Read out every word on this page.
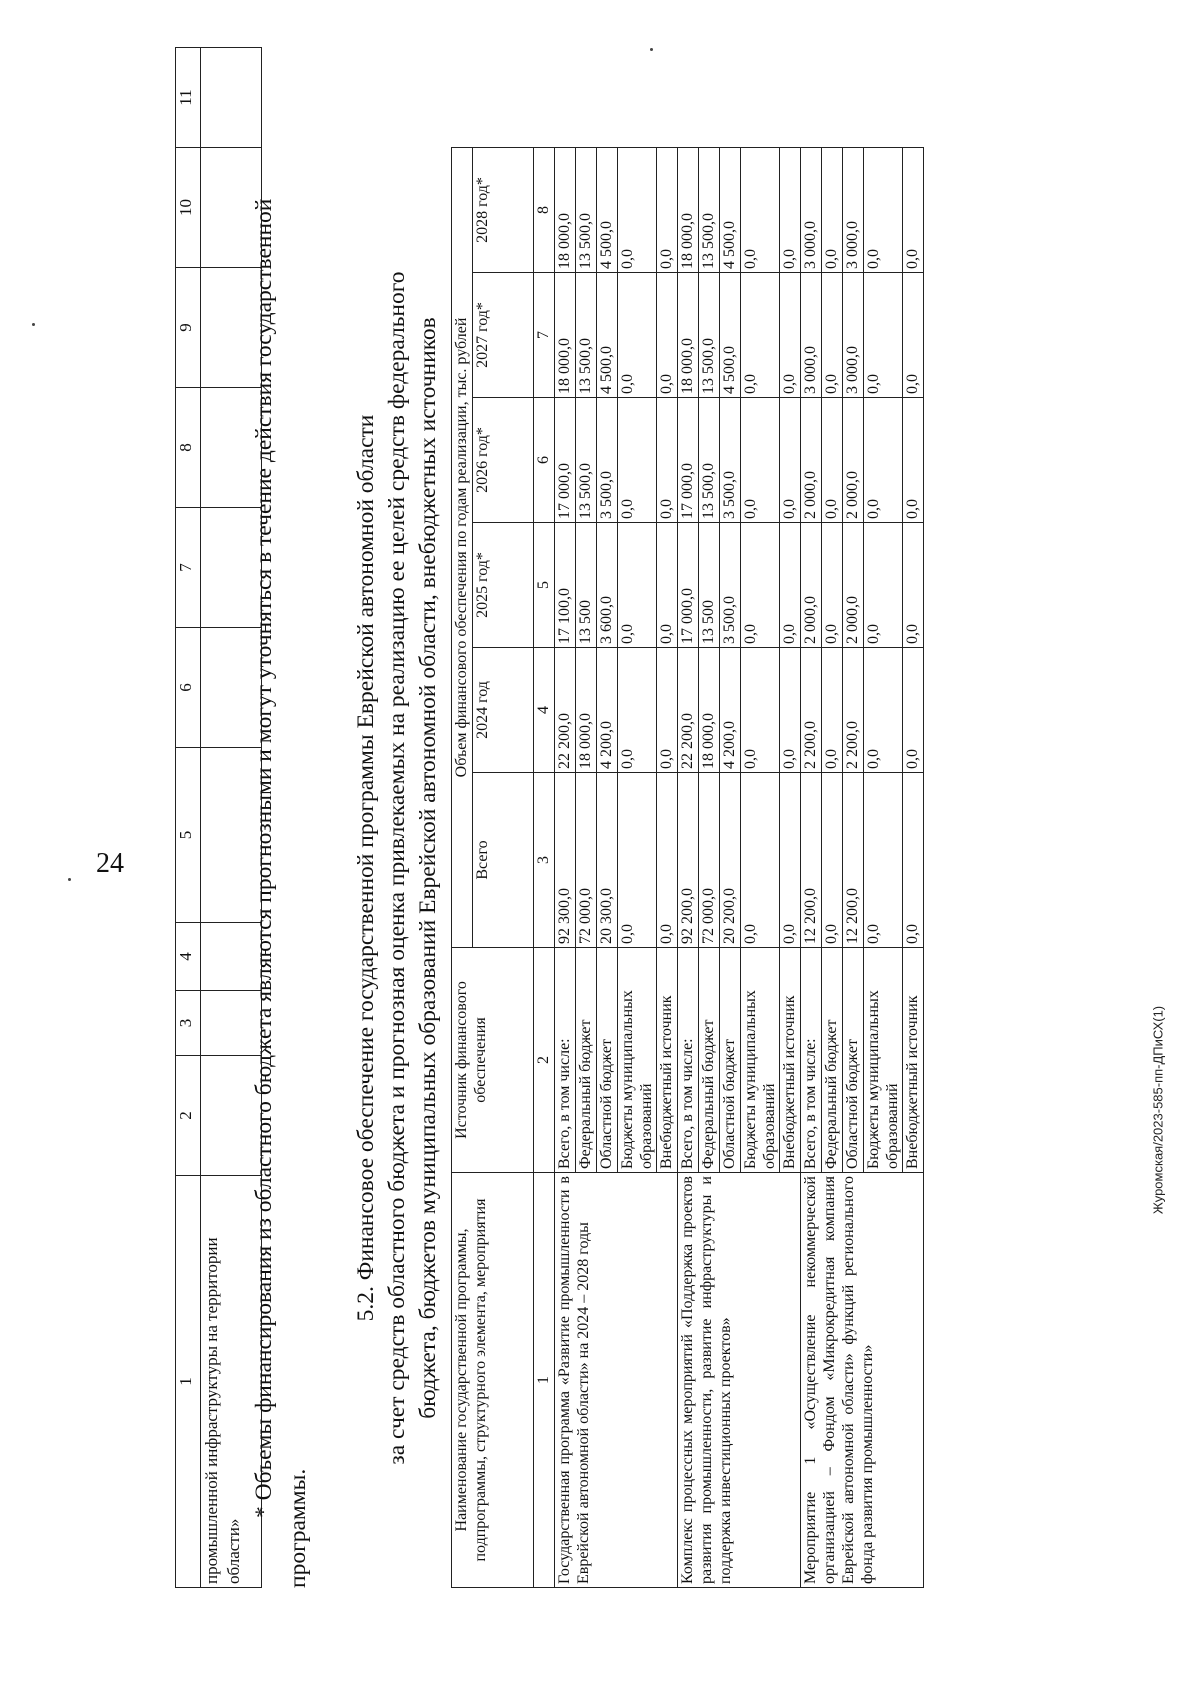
24
Журомская/2023-585-пп-ДПиСХ(1)
1	2	3	4	5	6	7	8	9	10	11
промышленной инфраструктуры на территории области»										
* Объемы финансирования из областного бюджета являются прогнозными и могут уточняться в течение действия государственной программы.
5.2. Финансовое обеспечение государственной программы Еврейской автономной области за счет средств областного бюджета и прогнозная оценка привлекаемых на реализацию ее целей средств федерального бюджета, бюджетов муниципальных образований Еврейской автономной области, внебюджетных источников Наименование государственной программы, подпрограммы, структурного элемента, мероприятия	Источник финансового обеспечения	Объем финансового обеспечения по годам реализации, тыс. рублей					
		Всего	2024 год	2025 год*	2026 год*	2027 год*	2028 год*
1	2	3	4	5	6	7	8
Государственная программа «Развитие промышленности в Еврейской автономной области» на 2024 – 2028 годы	Всего, в том числе:	92 300,0	22 200,0	17 100,0	17 000,0	18 000,0	18 000,0
	Федеральный бюджет	72 000,0	18 000,0	13 500	13 500,0	13 500,0	13 500,0
	Областной бюджет	20 300,0	4 200,0	3 600,0	3 500,0	4 500,0	4 500,0
	Бюджеты муниципальных образований	0,0	0,0	0,0	0,0	0,0	0,0
	Внебюджетный источник	0,0	0,0	0,0	0,0	0,0	0,0
Комплекс процессных мероприятий «Поддержка проектов развития промышленности, развитие инфраструктуры и поддержка инвестиционных проектов»	Всего, в том числе:	92 200,0	22 200,0	17 000,0	17 000,0	18 000,0	18 000,0
	Федеральный бюджет	72 000,0	18 000,0	13 500	13 500,0	13 500,0	13 500,0
	Областной бюджет	20 200,0	4 200,0	3 500,0	3 500,0	4 500,0	4 500,0
	Бюджеты муниципальных образований	0,0	0,0	0,0	0,0	0,0	0,0
	Внебюджетный источник	0,0	0,0	0,0	0,0	0,0	0,0
Мероприятие 1 «Осуществление некоммерческой организацией – Фондом «Микрокредитная компания Еврейской автономной области» функций регионального фонда развития промышленности»	Всего, в том числе:	12 200,0	2 200,0	2 000,0	2 000,0	3 000,0	3 000,0
	Федеральный бюджет	0,0	0,0	0,0	0,0	0,0	0,0
	Областной бюджет	12 200,0	2 200,0	2 000,0	2 000,0	3 000,0	3 000,0
	Бюджеты муниципальных образований	0,0	0,0	0,0	0,0	0,0	0,0
	Внебюджетный источник	0,0	0,0	0,0	0,0	0,0	0,0
